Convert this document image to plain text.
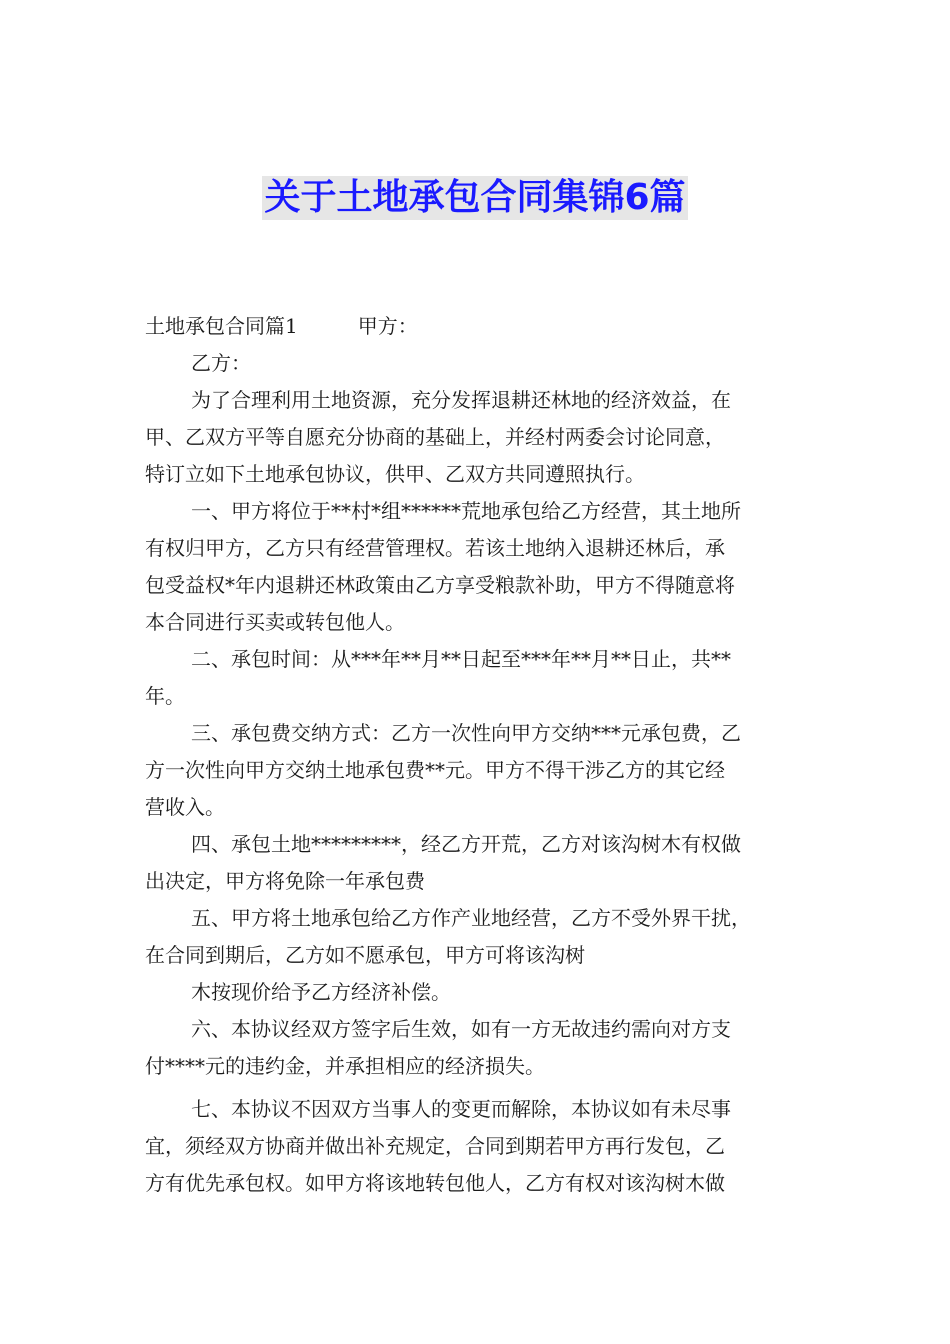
关于土地承包合同集锦6篇
土地承包合同篇1　　　甲方：
乙方：
为了合理利用土地资源，充分发挥退耕还林地的经济效益，在
甲、乙双方平等自愿充分协商的基础上，并经村两委会讨论同意，
特订立如下土地承包协议，供甲、乙双方共同遵照执行。
一、甲方将位于**村*组******荒地承包给乙方经营，其土地所
有权归甲方，乙方只有经营管理权。若该土地纳入退耕还林后，承
包受益权*年内退耕还林政策由乙方享受粮款补助，甲方不得随意将
本合同进行买卖或转包他人。
二、承包时间：从***年**月**日起至***年**月**日止，共**
年。
三、承包费交纳方式：乙方一次性向甲方交纳***元承包费，乙
方一次性向甲方交纳土地承包费**元。甲方不得干涉乙方的其它经
营收入。
四、承包土地*********，经乙方开荒，乙方对该沟树木有权做
出决定，甲方将免除一年承包费
五、甲方将土地承包给乙方作产业地经营，乙方不受外界干扰，
在合同到期后，乙方如不愿承包，甲方可将该沟树
木按现价给予乙方经济补偿。
六、本协议经双方签字后生效，如有一方无故违约需向对方支
付****元的违约金，并承担相应的经济损失。
七、本协议不因双方当事人的变更而解除，本协议如有未尽事
宜，须经双方协商并做出补充规定，合同到期若甲方再行发包，乙
方有优先承包权。如甲方将该地转包他人，乙方有权对该沟树木做
